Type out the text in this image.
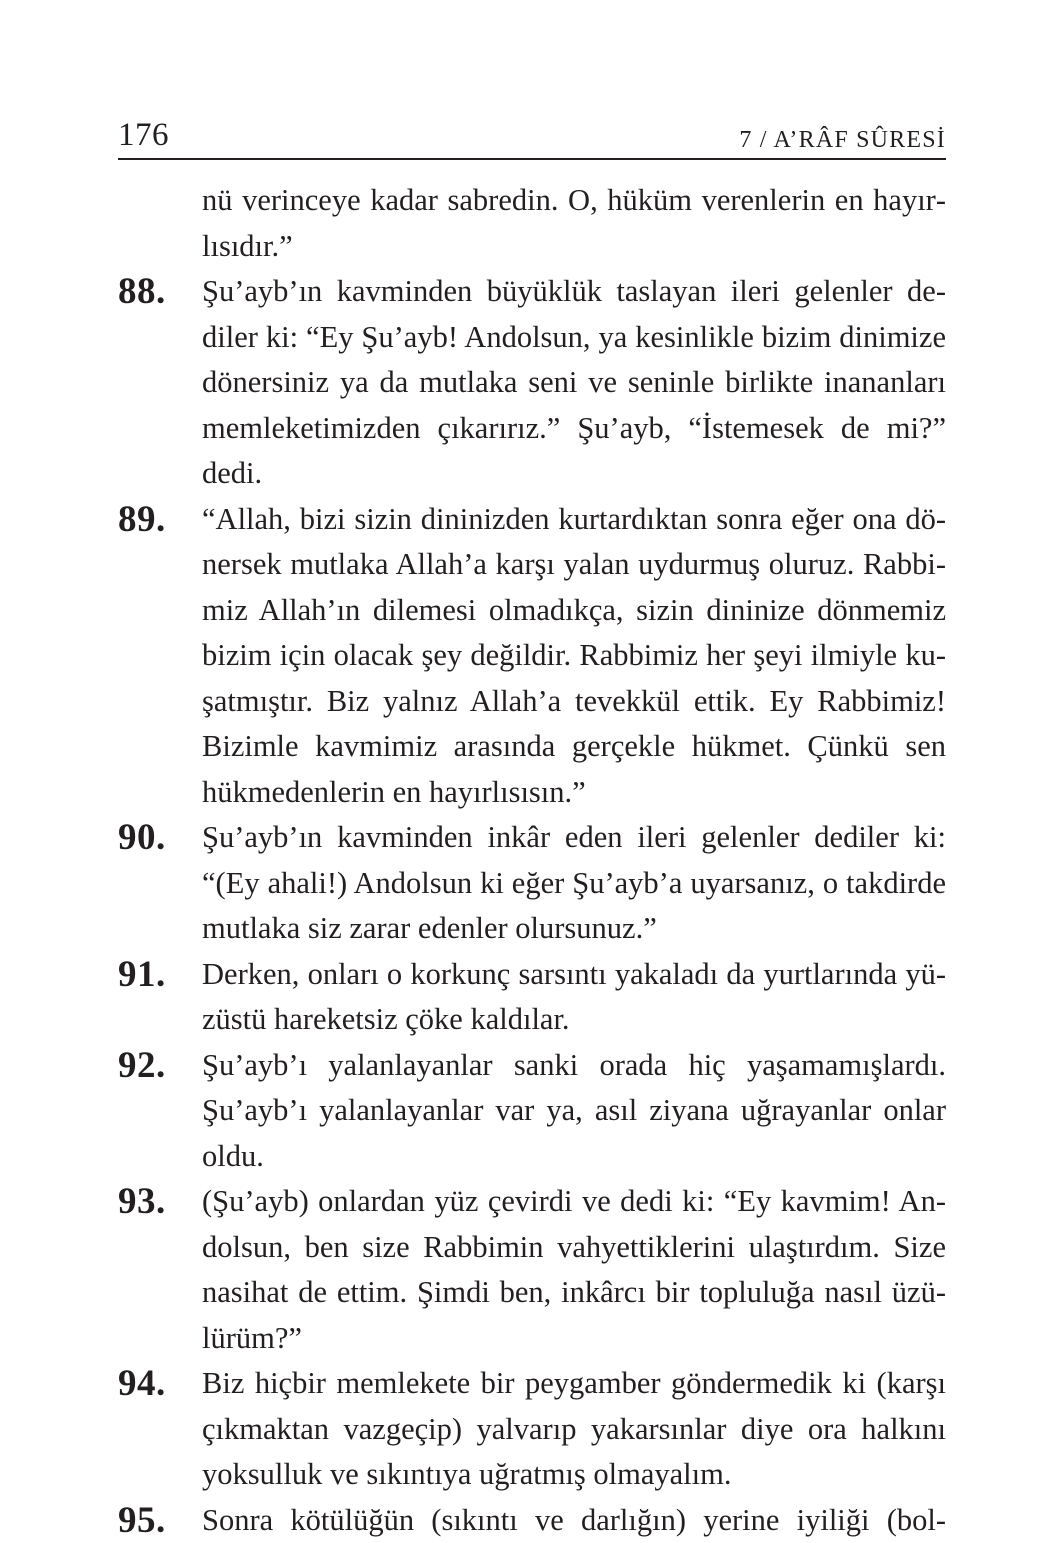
176	7 / A’RÂF SÛRESİ
nü verinceye kadar sabredin. O, hüküm verenlerin en hayırlısıdır.”
88. Şu’ayb’ın kavminden büyüklük taslayan ileri gelenler dediler ki: “Ey Şu’ayb! Andolsun, ya kesinlikle bizim dinimize dönersiniz ya da mutlaka seni ve seninle birlikte inananları memleketimizden çıkarırız.” Şu’ayb, “İstemesek de mi?” dedi.
89. “Allah, bizi sizin dininizden kurtardıktan sonra eğer ona dönersek mutlaka Allah’a karşı yalan uydurmuş oluruz. Rabbimiz Allah’ın dilemesi olmadıkça, sizin dininize dönmemiz bizim için olacak şey değildir. Rabbimiz her şeyi ilmiyle kuşatmıştır. Biz yalnız Allah’a tevekkül ettik. Ey Rabbimiz! Bizimle kavmimiz arasında gerçekle hükmet. Çünkü sen hükmedenlerin en hayırlısısın.”
90. Şu’ayb’ın kavminden inkâr eden ileri gelenler dediler ki: “(Ey ahali!) Andolsun ki eğer Şu’ayb’a uyarsanız, o takdirde mutlaka siz zarar edenler olursunuz.”
91. Derken, onları o korkunç sarsıntı yakaladı da yurtlarında yüzüstü hareketsiz çöke kaldılar.
92. Şu’ayb’ı yalanlayanlar sanki orada hiç yaşamamışlardı. Şu’ayb’ı yalanlayanlar var ya, asıl ziyana uğrayanlar onlar oldu.
93. (Şu’ayb) onlardan yüz çevirdi ve dedi ki: “Ey kavmim! Andolsun, ben size Rabbimin vahyettiklerini ulaştırdım. Size nasihat de ettim. Şimdi ben, inkârcı bir topluluğa nasıl üzülürüm?”
94. Biz hiçbir memlekete bir peygamber göndermedik ki (karşı çıkmaktan vazgeçip) yalvarıp yakarsınlar diye ora halkını yoksulluk ve sıkıntıya uğratmış olmayalım.
95. Sonra kötülüğün (sıkıntı ve darlığın) yerine iyiliği (bol-
